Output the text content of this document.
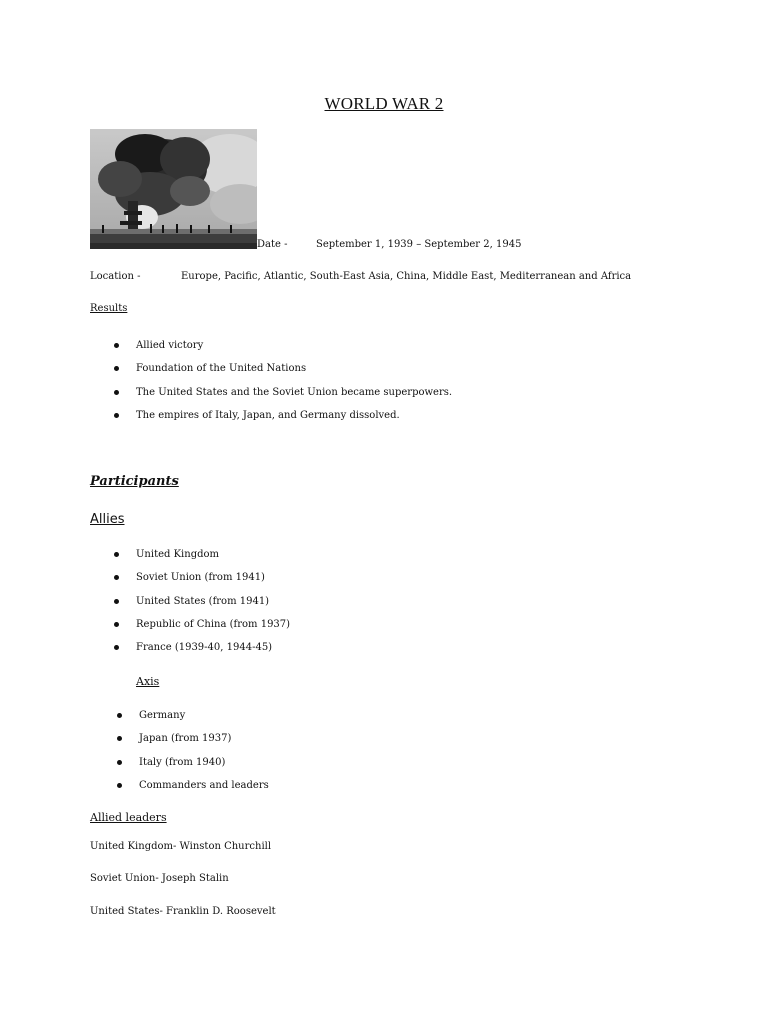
WORLD WAR 2
Date -	September 1, 1939 – September 2, 1945
Location -	Europe, Pacific, Atlantic, South-East Asia, China, Middle East, Mediterranean and Africa
Results
Allied victory
Foundation of the United Nations
The United States and the Soviet Union became superpowers.
The empires of Italy, Japan, and Germany dissolved.
Participants
Allies
United Kingdom
Soviet Union (from 1941)
United States (from 1941)
Republic of China (from 1937)
France (1939-40, 1944-45)
Axis
Germany
Japan (from 1937)
Italy (from 1940)
Commanders and leaders
Allied leaders
United Kingdom- Winston Churchill
Soviet Union- Joseph Stalin
United States- Franklin D. Roosevelt
